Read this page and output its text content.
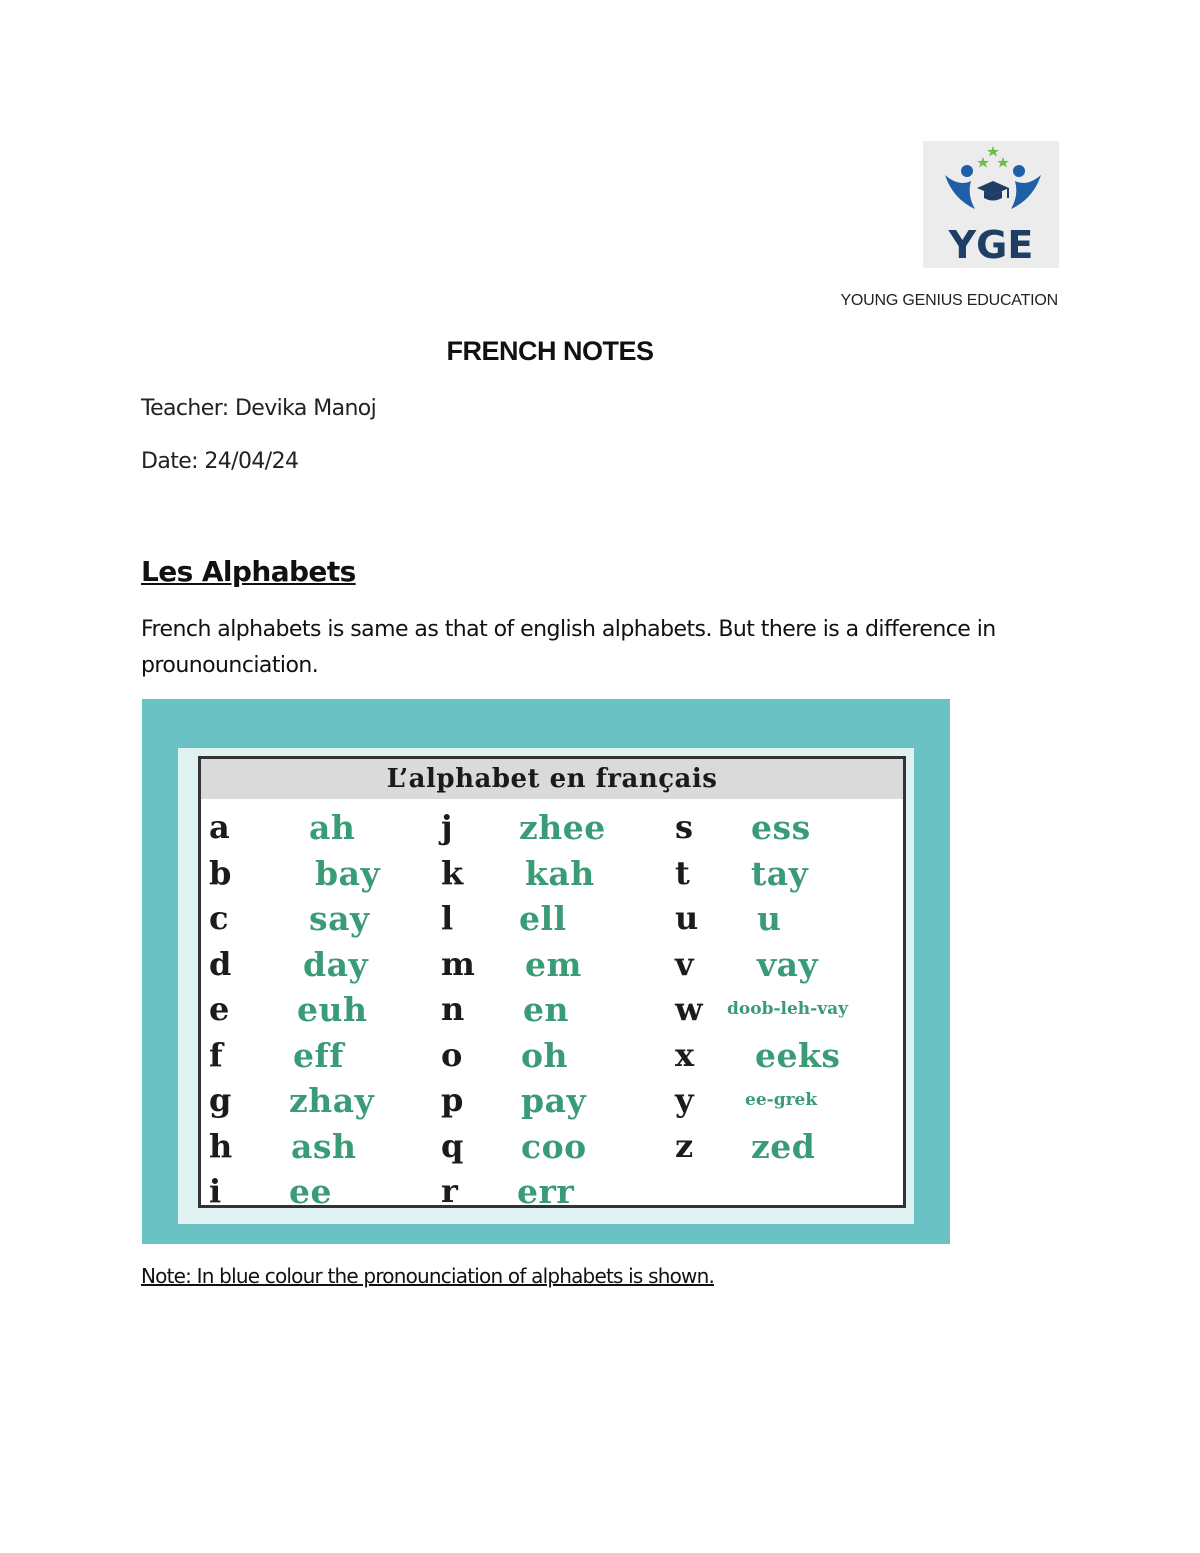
YGE
YOUNG GENIUS EDUCATION
FRENCH NOTES
Teacher: Devika Manoj
Date: 24/04/24
Les Alphabets
French alphabets is same as that of english alphabets. But there is a difference in prounounciation.
L’alphabet en français
a ah
b	bay
c say
d day
e euh
f eff
g zhay
h ash
i ee
j zhee
k kah
l ell
m em
n en
o oh
p pay
q coo
r err
s ess
t tay
u u
v vay
w doob-leh-vay
x eeks
y	ee-grek
z zed
Note: In blue colour the pronounciation of alphabets is shown.
